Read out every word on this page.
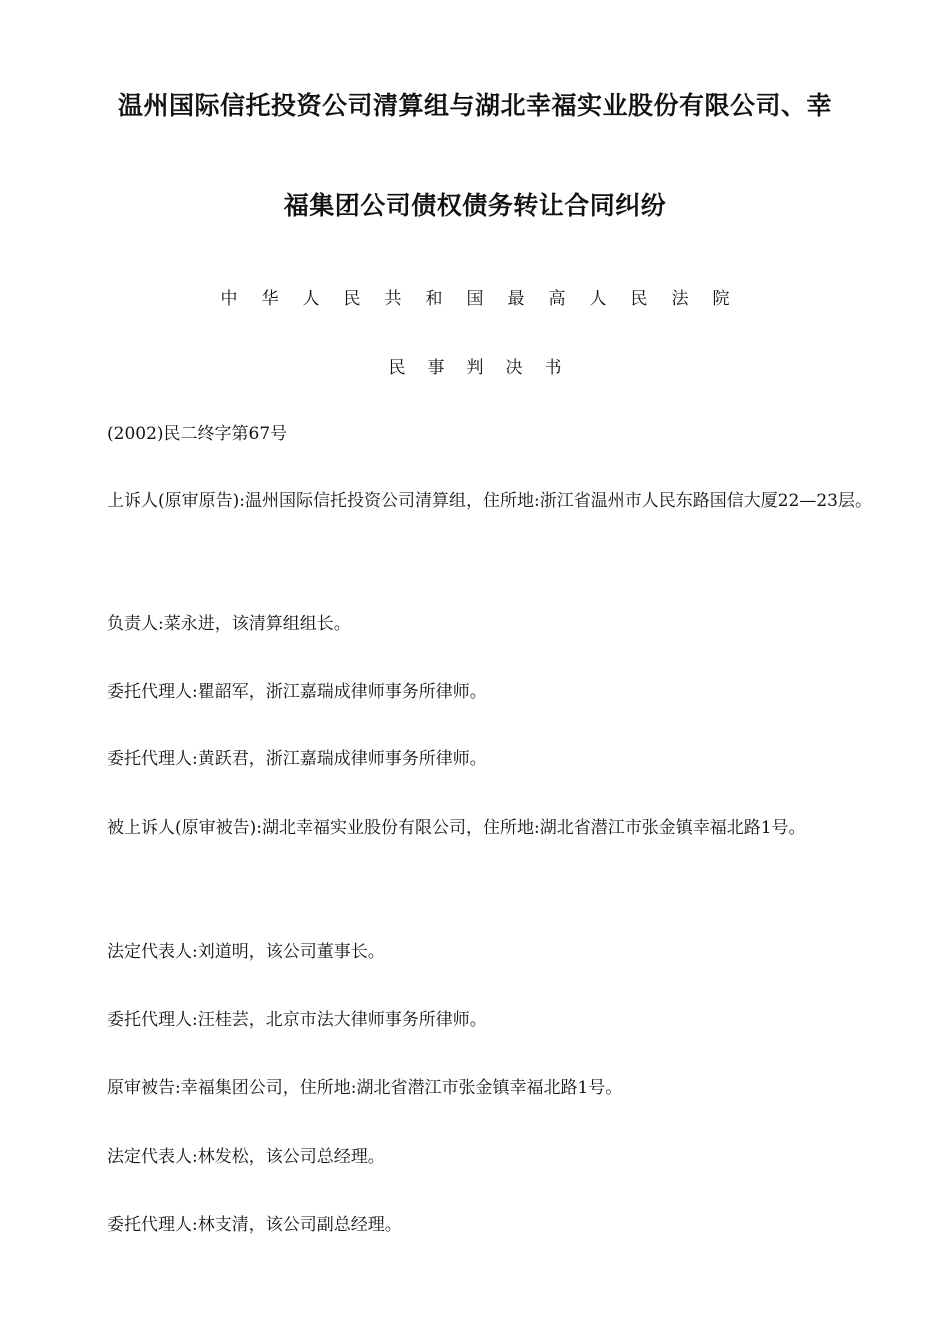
温州国际信托投资公司清算组与湖北幸福实业股份有限公司、幸
福集团公司债权债务转让合同纠纷
中华人民共和国最高人民法院
民事判决书
(2002)民二终字第67号
上诉人(原审原告):温州国际信托投资公司清算组，住所地:浙江省温州市人民东路国信大厦22—23层。
负责人:菜永进，该清算组组长。
委托代理人:瞿韶军，浙江嘉瑞成律师事务所律师。
委托代理人:黄跃君，浙江嘉瑞成律师事务所律师。
被上诉人(原审被告):湖北幸福实业股份有限公司，住所地:湖北省潜江市张金镇幸福北路1号。
法定代表人:刘道明，该公司董事长。
委托代理人:汪桂芸，北京市法大律师事务所律师。
原审被告:幸福集团公司，住所地:湖北省潜江市张金镇幸福北路1号。
法定代表人:林发松，该公司总经理。
委托代理人:林支清，该公司副总经理。
